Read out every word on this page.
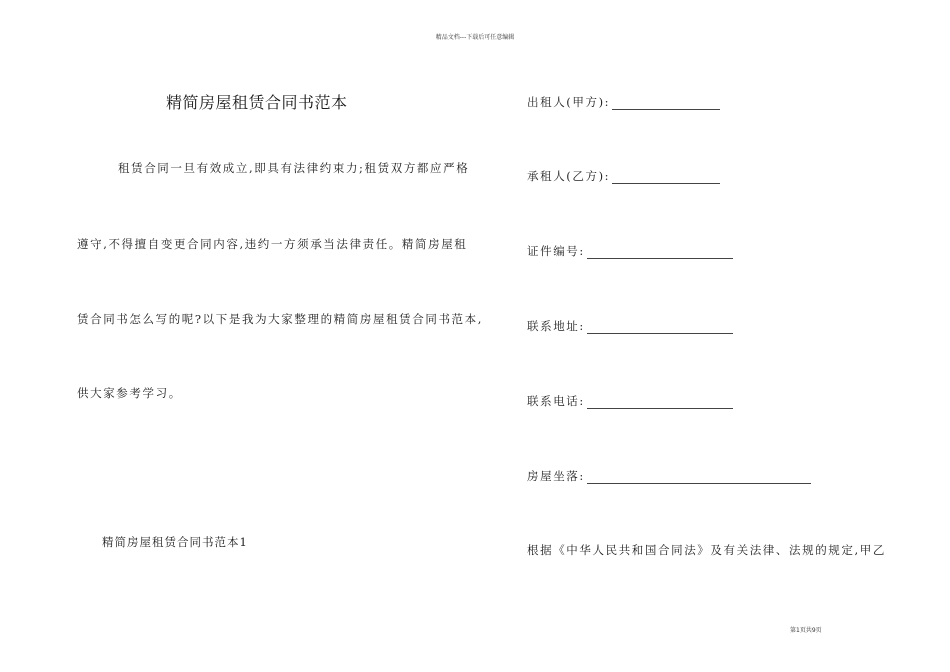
精品文档---下载后可任意编辑
精简房屋租赁合同书范本
租赁合同一旦有效成立,即具有法律约束力;租赁双方都应严格
遵守,不得擅自变更合同内容,违约一方须承当法律责任。精简房屋租
赁合同书怎么写的呢?以下是我为大家整理的精简房屋租赁合同书范本,
供大家参考学习。
精简房屋租赁合同书范本1
出租人(甲方):
承租人(乙方):
证件编号:
联系地址:
联系电话:
房屋坐落:
根据《中华人民共和国合同法》及有关法律、法规的规定,甲乙
第1页共9页
